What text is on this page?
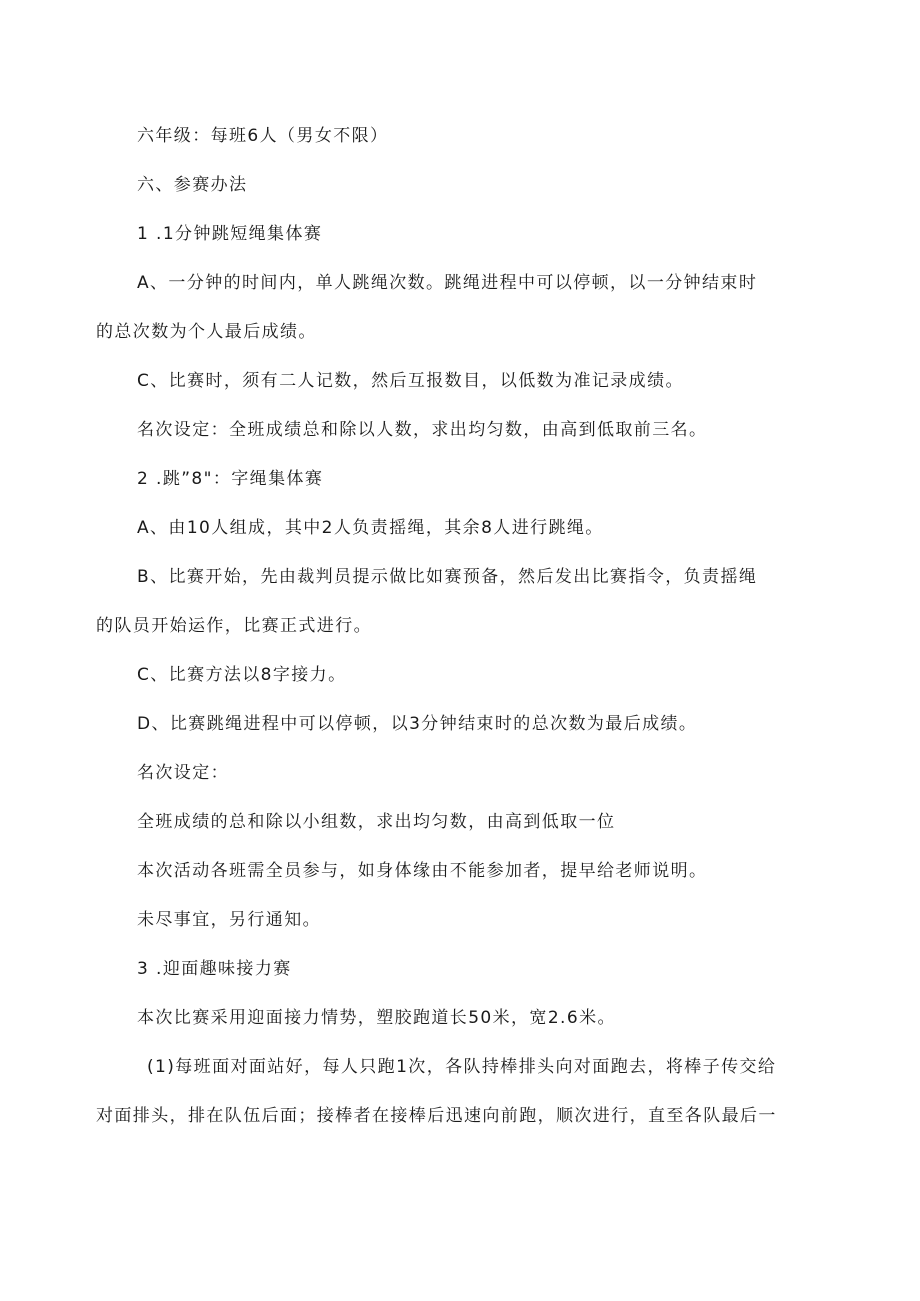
六年级：每班6人（男女不限）
六、参赛办法
1 .1分钟跳短绳集体赛
A、一分钟的时间内，单人跳绳次数。跳绳进程中可以停顿，以一分钟结束时
的总次数为个人最后成绩。
C、比赛时，须有二人记数，然后互报数目，以低数为准记录成绩。
名次设定：全班成绩总和除以人数，求出均匀数，由高到低取前三名。
2 .跳”8"：字绳集体赛
A、由10人组成，其中2人负责摇绳，其余8人进行跳绳。
B、比赛开始，先由裁判员提示做比如赛预备，然后发出比赛指令，负责摇绳
的队员开始运作，比赛正式进行。
C、比赛方法以8字接力。
D、比赛跳绳进程中可以停顿，以3分钟结束时的总次数为最后成绩。
名次设定：
全班成绩的总和除以小组数，求出均匀数，由高到低取一位
本次活动各班需全员参与，如身体缘由不能参加者，提早给老师说明。
未尽事宜，另行通知。
3 .迎面趣味接力赛
本次比赛采用迎面接力情势，塑胶跑道长50米，宽2.6米。
(1)每班面对面站好，每人只跑1次，各队持棒排头向对面跑去，将棒子传交给
对面排头，排在队伍后面；接棒者在接棒后迅速向前跑，顺次进行，直至各队最后一
